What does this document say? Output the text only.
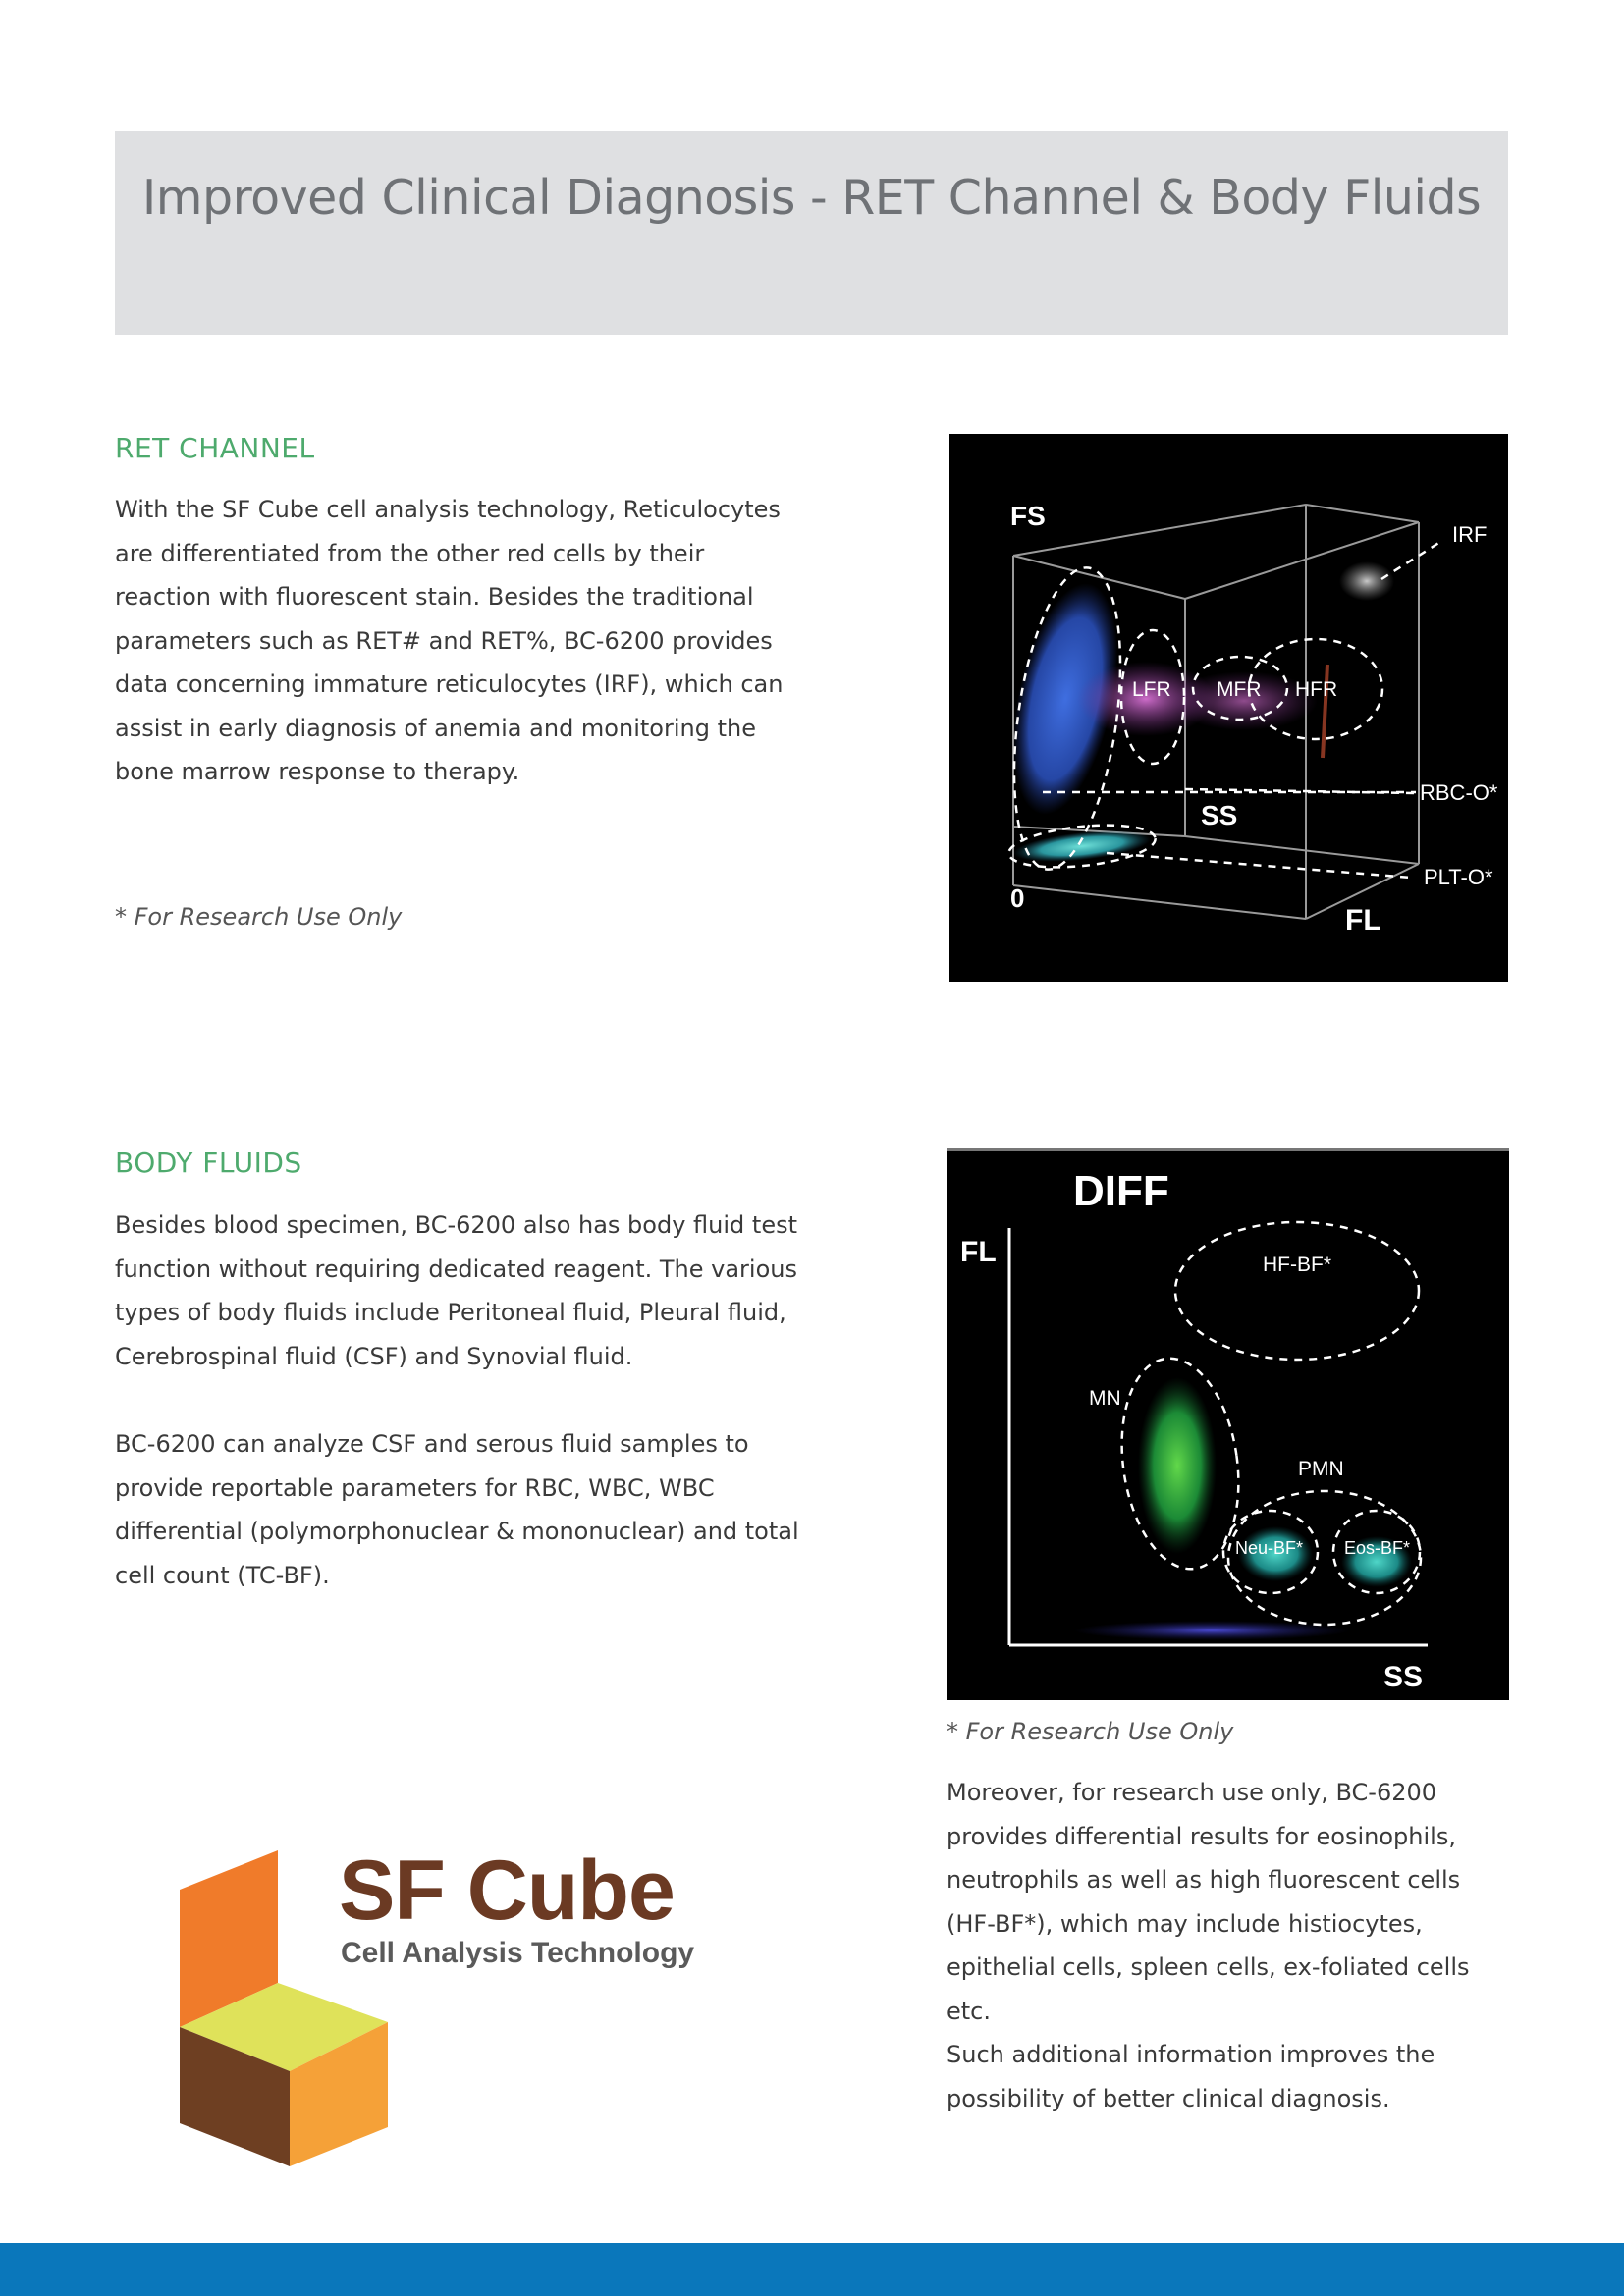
Improved Clinical Diagnosis - RET Channel & Body Fluids
RET CHANNEL

With the SF Cube cell analysis technology, Reticulocytes are differentiated from the other red cells by their reaction with fluorescent stain. Besides the traditional parameters such as RET# and RET%, BC-6200 provides data concerning immature reticulocytes (IRF), which can assist in early diagnosis of anemia and monitoring the bone marrow response to therapy.

* For Research Use Only

FS
SS
FL
0
IRF
LFR MFR HFR
RBC-O*
PLT-O*
BODY FLUIDS

Besides blood specimen, BC-6200 also has body fluid test function without requiring dedicated reagent. The various types of body fluids include Peritoneal fluid, Pleural fluid, Cerebrospinal fluid (CSF) and Synovial fluid.

BC-6200 can analyze CSF and serous fluid samples to provide reportable parameters for RBC, WBC, WBC differential (polymorphonuclear & mononuclear) and total cell count (TC-BF).

DIFF
FL
SS
HF-BF*
MN
PMN
Neu-BF* Eos-BF*

* For Research Use Only

Moreover, for research use only, BC-6200 provides differential results for eosinophils, neutrophils as well as high fluorescent cells (HF-BF*), which may include histiocytes, epithelial cells, spleen cells, ex-foliated cells etc.

Such additional information improves the possibility of better clinical diagnosis.

SF Cube
Cell Analysis Technology
